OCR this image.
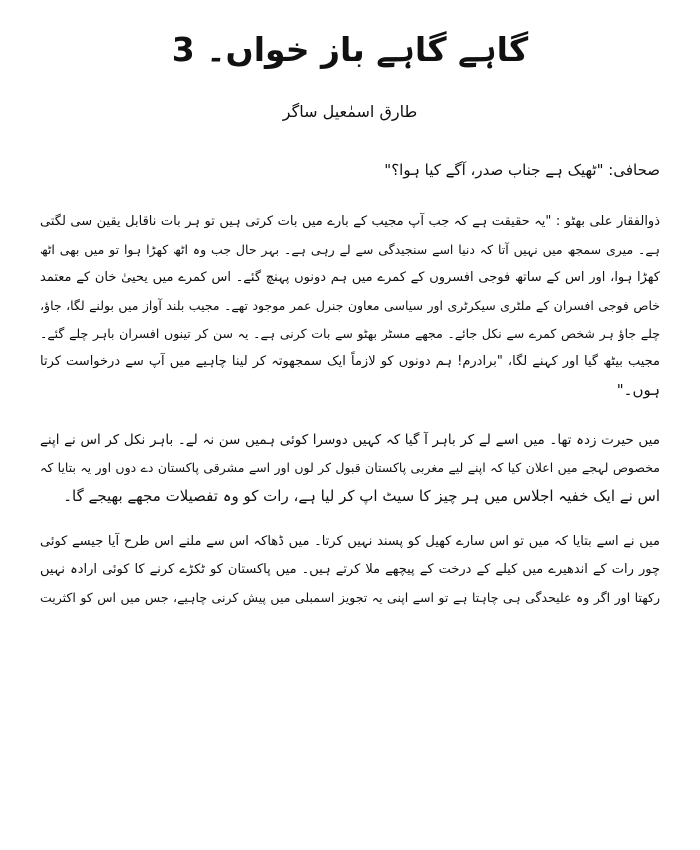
گاہے گاہے باز خواں۔ 3
طارق اسمٰعیل ساگر
صحافی: "ٹھیک ہے جناب صدر، آگے کیا ہوا؟"
ذوالفقار علی بھٹو : "یہ حقیقت ہے کہ جب آپ مجیب کے بارے میں بات کرتی ہیں تو ہر بات ناقابل یقین سی لگتی
ہے۔ میری سمجھ میں نہیں آتا کہ دنیا اسے سنجیدگی سے لے رہی ہے۔ بہر حال جب وہ اٹھ کھڑا ہوا تو میں بھی اٹھ
کھڑا ہوا، اور اس کے ساتھ فوجی افسروں کے کمرے میں ہم دونوں پہنچ گئے۔ اس کمرے میں یحییٰ خان کے معتمد
خاص فوجی افسران کے ملٹری سیکرٹری اور سیاسی معاون جنرل عمر موجود تھے۔ مجیب بلند آواز میں بولنے لگا، جاؤ،
چلے جاؤ ہر شخص کمرے سے نکل جائے۔ مجھے مسٹر بھٹو سے بات کرنی ہے۔ یہ سن کر تینوں افسران باہر چلے گئے۔
مجیب بیٹھ گیا اور کہنے لگا، "برادرم! ہم دونوں کو لازماً ایک سمجھوتہ کر لینا چاہیے میں آپ سے درخواست کرتا
ہوں۔"
میں حیرت زدہ تھا۔ میں اسے لے کر باہر آ گیا کہ کہیں دوسرا کوئی ہمیں سن نہ لے۔ باہر نکل کر اس نے اپنے
مخصوص لہجے میں اعلان کیا کہ اپنے لیے مغربی پاکستان قبول کر لوں اور اسے مشرقی پاکستان دے دوں اور یہ بتایا کہ
اس نے ایک خفیہ اجلاس میں ہر چیز کا سیٹ اپ کر لیا ہے، رات کو وہ تفصیلات مجھے بھیجے گا۔
میں نے اسے بتایا کہ میں تو اس سارے کھیل کو پسند نہیں کرتا۔ میں ڈھاکہ اس سے ملنے اس طرح آیا جیسے کوئی
چور رات کے اندھیرے میں کیلے کے درخت کے پیچھے ملا کرتے ہیں۔ میں پاکستان کو ٹکڑے کرنے کا کوئی ارادہ نہیں
رکھتا اور اگر وہ علیحدگی ہی چاہتا ہے تو اسے اپنی یہ تجویز اسمبلی میں پیش کرنی چاہیے، جس میں اس کو اکثریت
